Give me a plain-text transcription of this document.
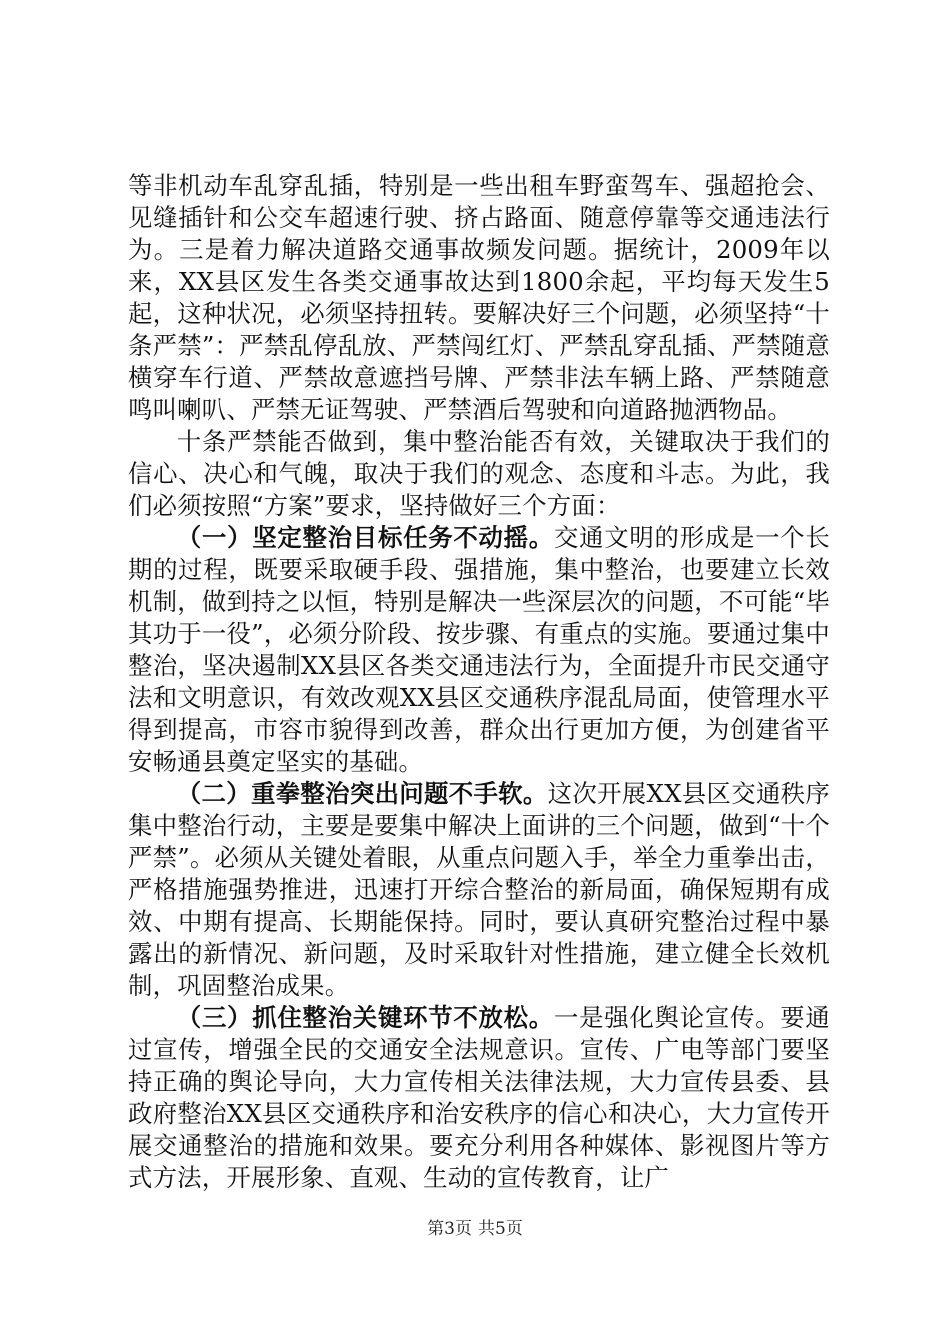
等非机动车乱穿乱插，特别是一些出租车野蛮驾车、强超抢会、见缝插针和公交车超速行驶、挤占路面、随意停靠等交通违法行为。三是着力解决道路交通事故频发问题。据统计，2009年以来，XX县区发生各类交通事故达到1800余起，平均每天发生5起，这种状况，必须坚持扭转。要解决好三个问题，必须坚持“十条严禁”：严禁乱停乱放、严禁闯红灯、严禁乱穿乱插、严禁随意横穿车行道、严禁故意遮挡号牌、严禁非法车辆上路、严禁随意鸣叫喇叭、严禁无证驾驶、严禁酒后驾驶和向道路抛洒物品。

十条严禁能否做到，集中整治能否有效，关键取决于我们的信心、决心和气魄，取决于我们的观念、态度和斗志。为此，我们必须按照“方案”要求，坚持做好三个方面：

（一）坚定整治目标任务不动摇。交通文明的形成是一个长期的过程，既要采取硬手段、强措施，集中整治，也要建立长效机制，做到持之以恒，特别是解决一些深层次的问题，不可能“毕其功于一役”，必须分阶段、按步骤、有重点的实施。要通过集中整治，坚决遏制XX县区各类交通违法行为，全面提升市民交通守法和文明意识，有效改观XX县区交通秩序混乱局面，使管理水平得到提高，市容市貌得到改善，群众出行更加方便，为创建省平安畅通县奠定坚实的基础。

（二）重拳整治突出问题不手软。这次开展XX县区交通秩序集中整治行动，主要是要集中解决上面讲的三个问题，做到“十个严禁”。必须从关键处着眼，从重点问题入手，举全力重拳出击，严格措施强势推进，迅速打开综合整治的新局面，确保短期有成效、中期有提高、长期能保持。同时，要认真研究整治过程中暴露出的新情况、新问题，及时采取针对性措施，建立健全长效机制，巩固整治成果。

（三）抓住整治关键环节不放松。一是强化舆论宣传。要通过宣传，增强全民的交通安全法规意识。宣传、广电等部门要坚持正确的舆论导向，大力宣传相关法律法规，大力宣传县委、县政府整治XX县区交通秩序和治安秩序的信心和决心，大力宣传开展交通整治的措施和效果。要充分利用各种媒体、影视图片等方式方法，开展形象、直观、生动的宣传教育，让广

第3页 共5页
